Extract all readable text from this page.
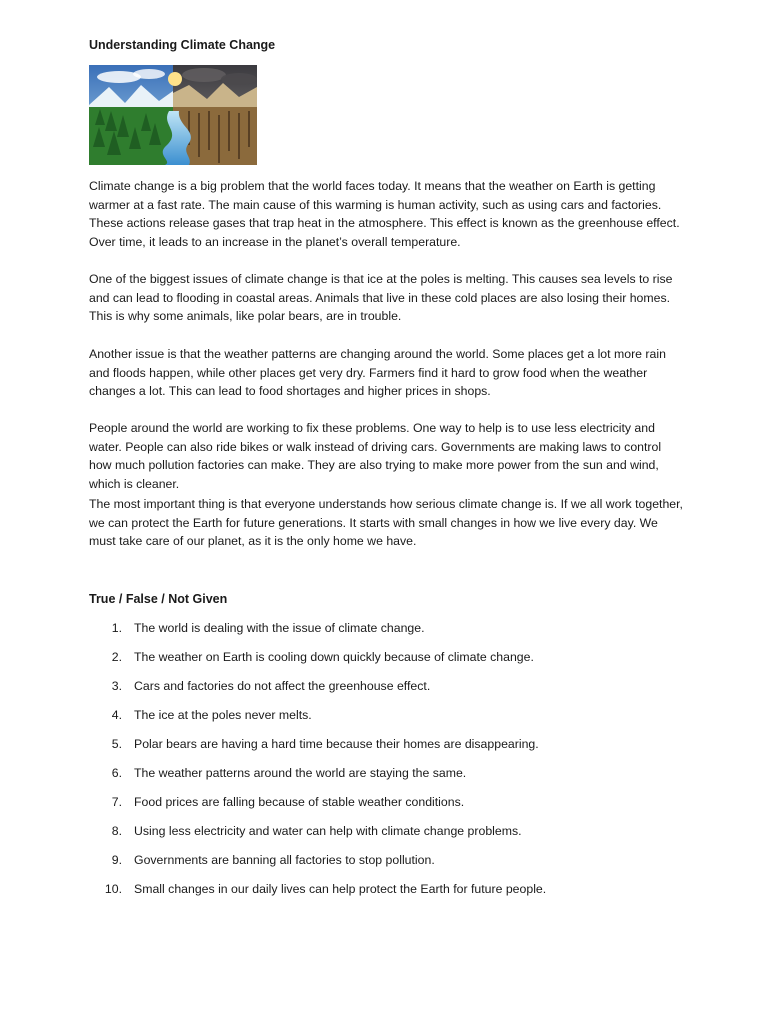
Understanding Climate Change

Climate change is a big problem that the world faces today. It means that the weather on Earth is getting warmer at a fast rate. The main cause of this warming is human activity, such as using cars and factories. These actions release gases that trap heat in the atmosphere. This effect is known as the greenhouse effect. Over time, it leads to an increase in the planet’s overall temperature.

One of the biggest issues of climate change is that ice at the poles is melting. This causes sea levels to rise and can lead to flooding in coastal areas. Animals that live in these cold places are also losing their homes. This is why some animals, like polar bears, are in trouble.

Another issue is that the weather patterns are changing around the world. Some places get a lot more rain and floods happen, while other places get very dry. Farmers find it hard to grow food when the weather changes a lot. This can lead to food shortages and higher prices in shops.

People around the world are working to fix these problems. One way to help is to use less electricity and water. People can also ride bikes or walk instead of driving cars. Governments are making laws to control how much pollution factories can make. They are also trying to make more power from the sun and wind, which is cleaner.

The most important thing is that everyone understands how serious climate change is. If we all work together, we can protect the Earth for future generations. It starts with small changes in how we live every day. We must take care of our planet, as it is the only home we have.

True / False / Not Given
1. The world is dealing with the issue of climate change.
2. The weather on Earth is cooling down quickly because of climate change.
3. Cars and factories do not affect the greenhouse effect.
4. The ice at the poles never melts.
5. Polar bears are having a hard time because their homes are disappearing.
6. The weather patterns around the world are staying the same.
7. Food prices are falling because of stable weather conditions.
8. Using less electricity and water can help with climate change problems.
9. Governments are banning all factories to stop pollution.
10. Small changes in our daily lives can help protect the Earth for future people.
